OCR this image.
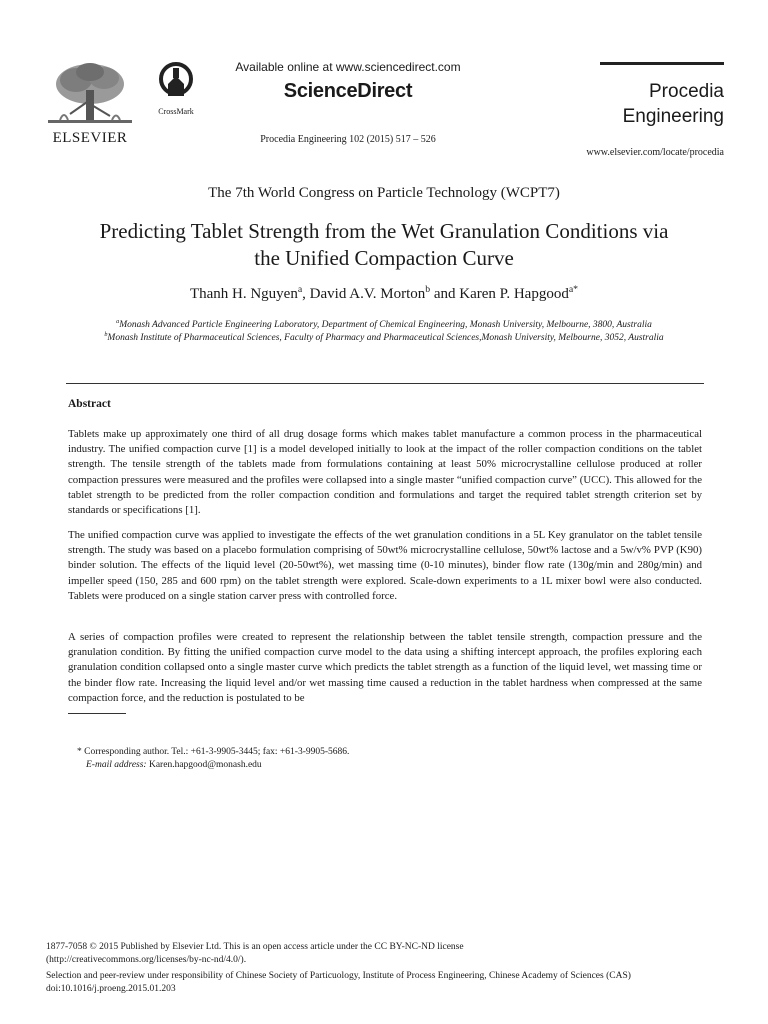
ELSEVIER
CrossMark
Available online at www.sciencedirect.com
ScienceDirect
Procedia Engineering 102 (2015) 517 – 526
Procedia
Engineering
www.elsevier.com/locate/procedia
The 7th World Congress on Particle Technology (WCPT7)
Predicting Tablet Strength from the Wet Granulation Conditions via
the Unified Compaction Curve
Thanh H. Nguyen$^a$, David A.V. Morton$^b$ and Karen P. Hapgood$^{a*}$
$^a$Monash Advanced Particle Engineering Laboratory, Department of Chemical Engineering, Monash University, Melbourne, 3800, Australia
$^b$Monash Institute of Pharmaceutical Sciences, Faculty of Pharmacy and Pharmaceutical Sciences,Monash University, Melbourne, 3052, Australia
Abstract
Tablets make up approximately one third of all drug dosage forms which makes tablet manufacture a common process in the pharmaceutical industry. The unified compaction curve [1] is a model developed initially to look at the impact of the roller compaction conditions on the tablet strength. The tensile strength of the tablets made from formulations containing at least 50% microcrystalline cellulose produced at roller compaction pressures were measured and the profiles were collapsed into a single master “unified compaction curve” (UCC). This allowed for the tablet strength to be predicted from the roller compaction condition and formulations and target the required tablet strength criterion set by standards or specifications [1].
The unified compaction curve was applied to investigate the effects of the wet granulation conditions in a 5L Key granulator on the tablet tensile strength. The study was based on a placebo formulation comprising of 50wt% microcrystalline cellulose, 50wt% lactose and a 5w/v% PVP (K90) binder solution. The effects of the liquid level (20-50wt%), wet massing time (0-10 minutes), binder flow rate (130g/min and 280g/min) and impeller speed (150, 285 and 600 rpm) on the tablet strength were explored. Scale-down experiments to a 1L mixer bowl were also conducted. Tablets were produced on a single station carver press with controlled force.
A series of compaction profiles were created to represent the relationship between the tablet tensile strength, compaction pressure and the granulation condition. By fitting the unified compaction curve model to the data using a shifting intercept approach, the profiles exploring each granulation condition collapsed onto a single master curve which predicts the tablet strength as a function of the liquid level, wet massing time or the binder flow rate. Increasing the liquid level and/or wet massing time caused a reduction in the tablet hardness when compressed at the same compaction force, and the reduction is postulated to be
* Corresponding author. Tel.: +61-3-9905-3445; fax: +61-3-9905-5686.
E-mail address: Karen.hapgood@monash.edu
1877-7058 © 2015 Published by Elsevier Ltd. This is an open access article under the CC BY-NC-ND license
(http://creativecommons.org/licenses/by-nc-nd/4.0/).
Selection and peer-review under responsibility of Chinese Society of Particuology, Institute of Process Engineering, Chinese Academy of Sciences (CAS)
doi:10.1016/j.proeng.2015.01.203
